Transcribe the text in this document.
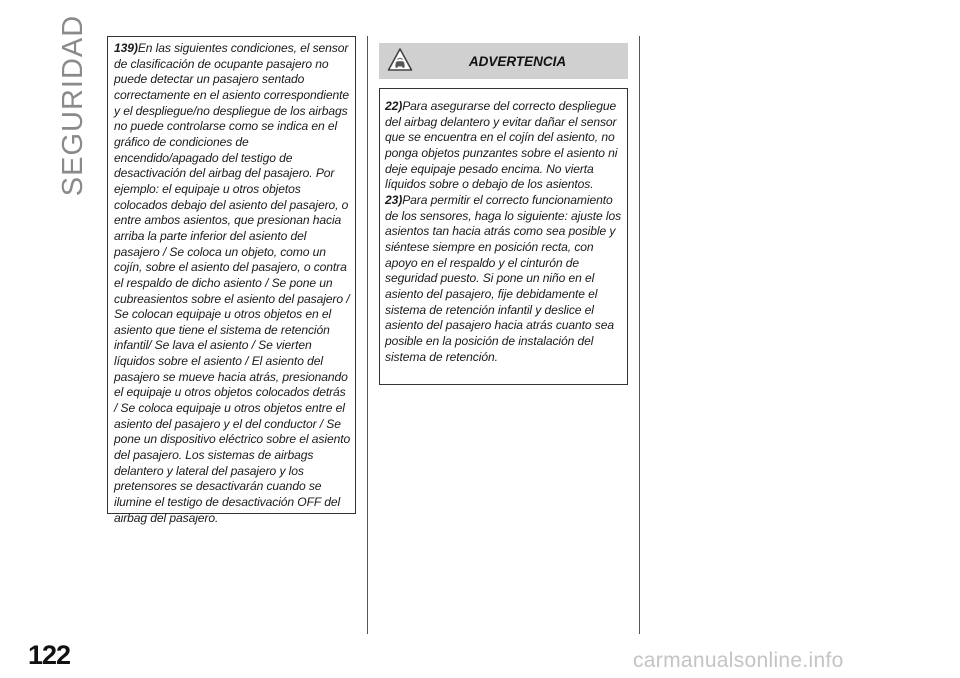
SEGURIDAD 139)En las siguientes condiciones, el sensor de clasificación de ocupante pasajero no puede detectar un pasajero sentado correctamente en el asiento correspondiente y el despliegue/no despliegue de los airbags no puede controlarse como se indica en el gráfico de condiciones de encendido/apagado del testigo de desactivación del airbag del pasajero. Por ejemplo: el equipaje u otros objetos colocados debajo del asiento del pasajero, o entre ambos asientos, que presionan hacia arriba la parte inferior del asiento del pasajero / Se coloca un objeto, como un cojín, sobre el asiento del pasajero, o contra el respaldo de dicho asiento / Se pone un cubreasientos sobre el asiento del pasajero / Se colocan equipaje u otros objetos en el asiento que tiene el sistema de retención infantil/ Se lava el asiento / Se vierten líquidos sobre el asiento / El asiento del pasajero se mueve hacia atrás, presionando el equipaje u otros objetos colocados detrás / Se coloca equipaje u otros objetos entre el asiento del pasajero y el del conductor / Se pone un dispositivo eléctrico sobre el asiento del pasajero. Los sistemas de airbags delantero y lateral del pasajero y los pretensores se desactivarán cuando se ilumine el testigo de desactivación OFF del airbag del pasajero.

ADVERTENCIA

22)Para asegurarse del correcto despliegue del airbag delantero y evitar dañar el sensor que se encuentra en el cojín del asiento, no ponga objetos punzantes sobre el asiento ni deje equipaje pesado encima. No vierta líquidos sobre o debajo de los asientos.

23)Para permitir el correcto funcionamiento de los sensores, haga lo siguiente: ajuste los asientos tan hacia atrás como sea posible y siéntese siempre en posición recta, con apoyo en el respaldo y el cinturón de seguridad puesto. Si pone un niño en el asiento del pasajero, fije debidamente el sistema de retención infantil y deslice el asiento del pasajero hacia atrás cuanto sea posible en la posición de instalación del sistema de retención.

122	carmanualsonline.info
